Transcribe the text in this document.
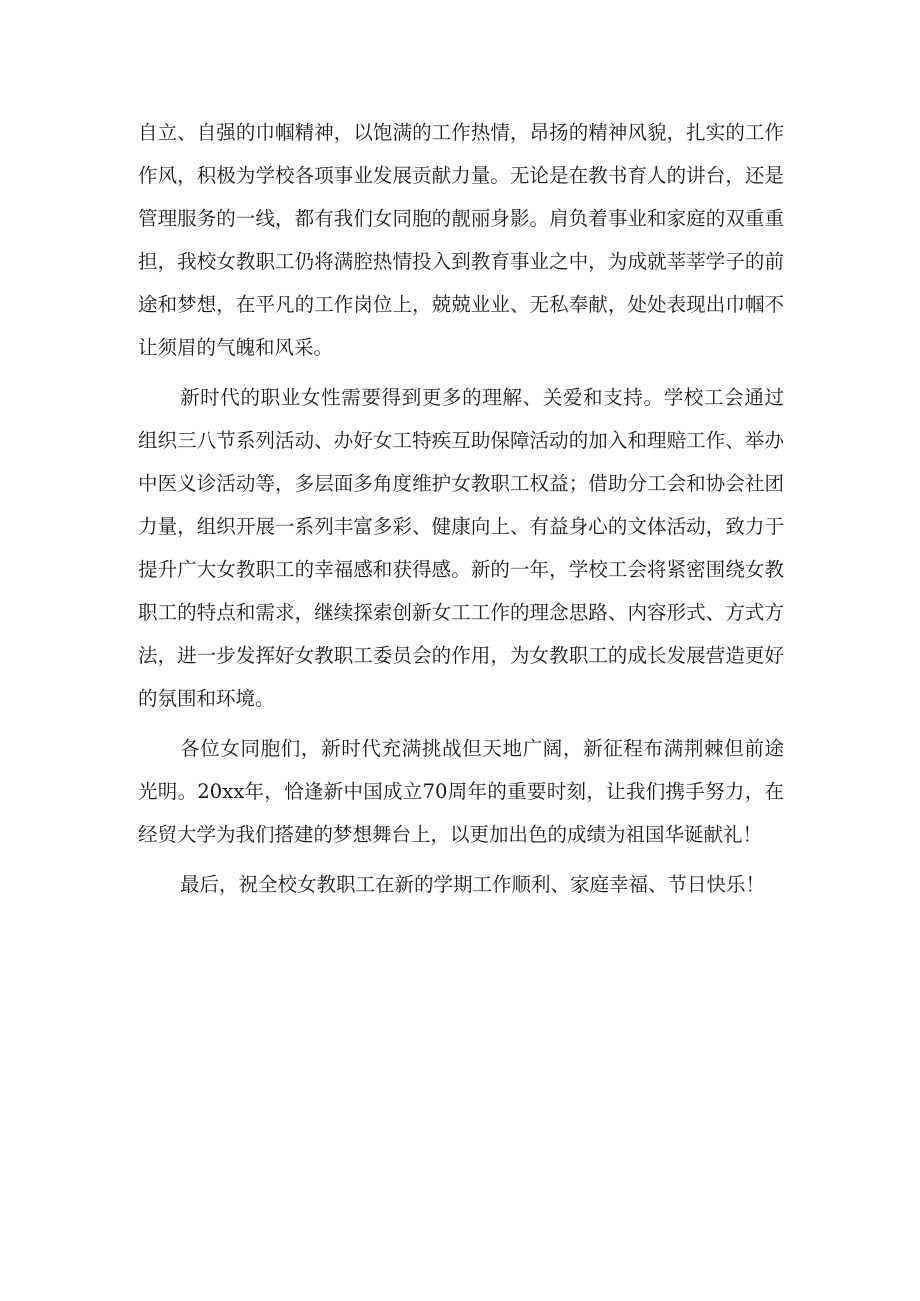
自立、自强的巾帼精神，以饱满的工作热情，昂扬的精神风貌，扎实的工作作风，积极为学校各项事业发展贡献力量。无论是在教书育人的讲台，还是管理服务的一线，都有我们女同胞的靓丽身影。肩负着事业和家庭的双重重担，我校女教职工仍将满腔热情投入到教育事业之中，为成就莘莘学子的前途和梦想，在平凡的工作岗位上，兢兢业业、无私奉献，处处表现出巾帼不让须眉的气魄和风采。

新时代的职业女性需要得到更多的理解、关爱和支持。学校工会通过组织三八节系列活动、办好女工特疾互助保障活动的加入和理赔工作、举办中医义诊活动等，多层面多角度维护女教职工权益；借助分工会和协会社团力量，组织开展一系列丰富多彩、健康向上、有益身心的文体活动，致力于提升广大女教职工的幸福感和获得感。新的一年，学校工会将紧密围绕女教职工的特点和需求，继续探索创新女工工作的理念思路、内容形式、方式方法，进一步发挥好女教职工委员会的作用，为女教职工的成长发展营造更好的氛围和环境。

各位女同胞们，新时代充满挑战但天地广阔，新征程布满荆棘但前途光明。20xx年，恰逢新中国成立70周年的重要时刻，让我们携手努力，在经贸大学为我们搭建的梦想舞台上，以更加出色的成绩为祖国华诞献礼！

最后，祝全校女教职工在新的学期工作顺利、家庭幸福、节日快乐！
